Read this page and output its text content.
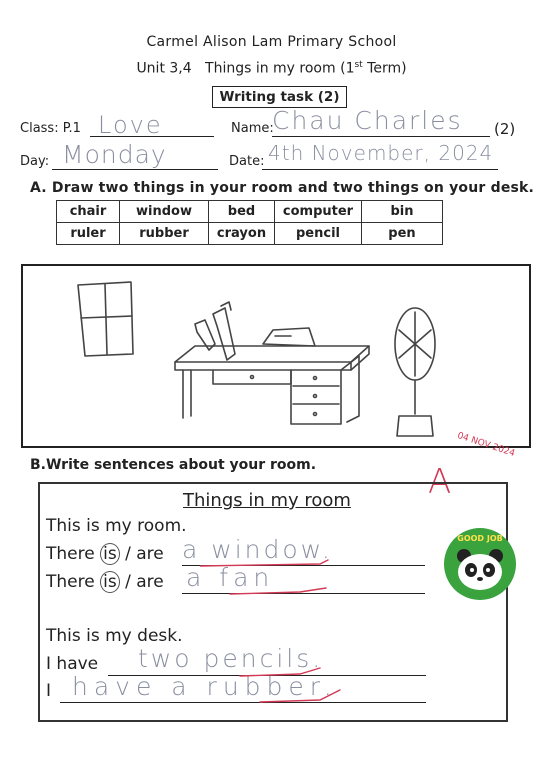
Carmel Alison Lam Primary School
Unit 3,4 Things in my room (1st Term)
Writing task (2)
Class: P.1 Love	Name:
Chau Charles (2)
Day: Monday	Date: 4th November, 2024
A. Draw two things in your room and two things on your desk.
chair	window	bed	computer	bin
ruler	rubber	crayon	pencil	pen
B.Write sentences about your room.
04 NOV 2024
A
Things in my room
This is my room.
There is / are a window.
There is / are a fan
This is my desk.
I have two pencils.
I have a rubber.
GOOD JOB
